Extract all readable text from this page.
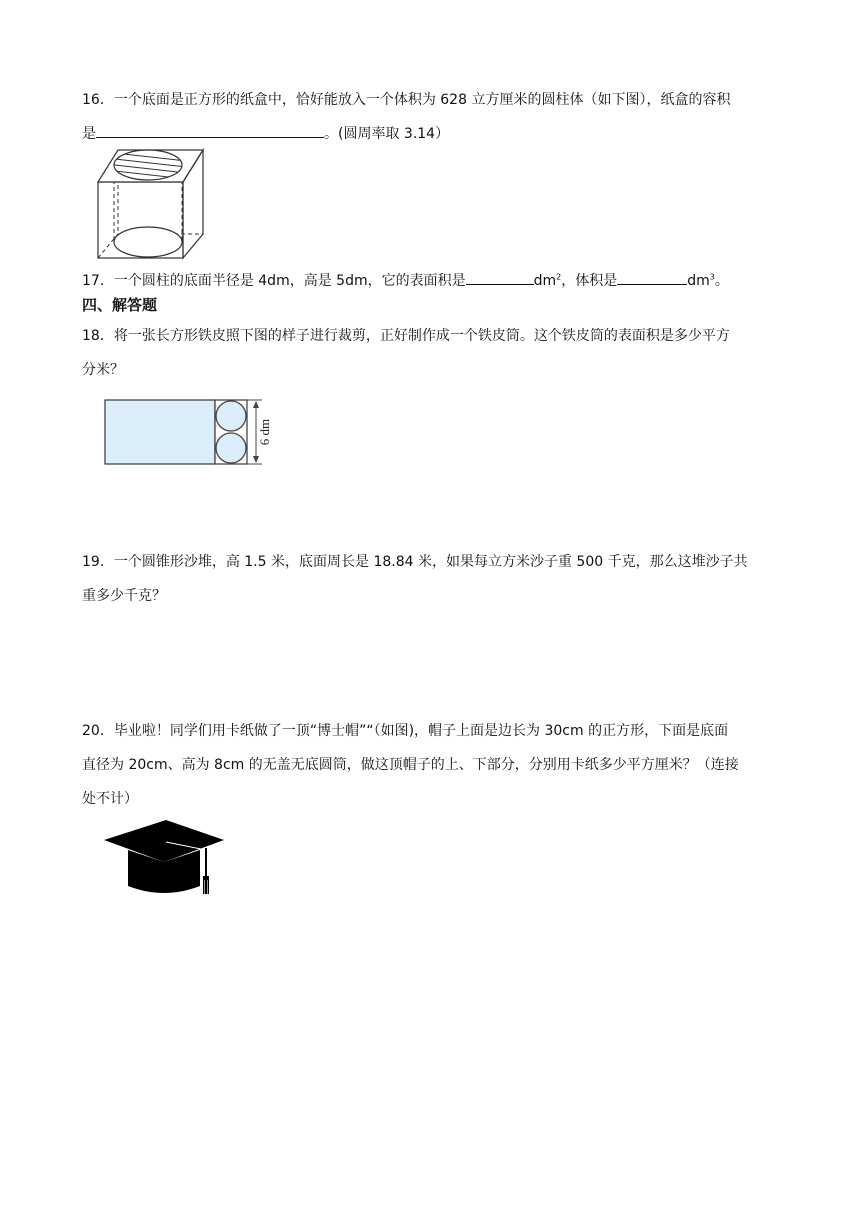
16．一个底面是正方形的纸盒中，恰好能放入一个体积为 628 立方厘米的圆柱体（如下图），纸盒的容积
是	。(圆周率取 3.14）
17．一个圆柱的底面半径是 4dm，高是 5dm，它的表面积是	$dm^2$，体积是	$dm^3$。
四、解答题
18．将一张长方形铁皮照下图的样子进行裁剪，正好制作成一个铁皮筒。这个铁皮筒的表面积是多少平方
分米？
6 dm
19．一个圆锥形沙堆，高 1.5 米，底面周长是 18.84 米，如果每立方米沙子重 500 千克，那么这堆沙子共
重多少千克？
20．毕业啦！同学们用卡纸做了一顶“博士帽”“（如图)，帽子上面是边长为 30cm 的正方形，下面是底面
直径为 20cm、高为 8cm 的无盖无底圆筒，做这顶帽子的上、下部分，分别用卡纸多少平方厘米？（连接
处不计）
